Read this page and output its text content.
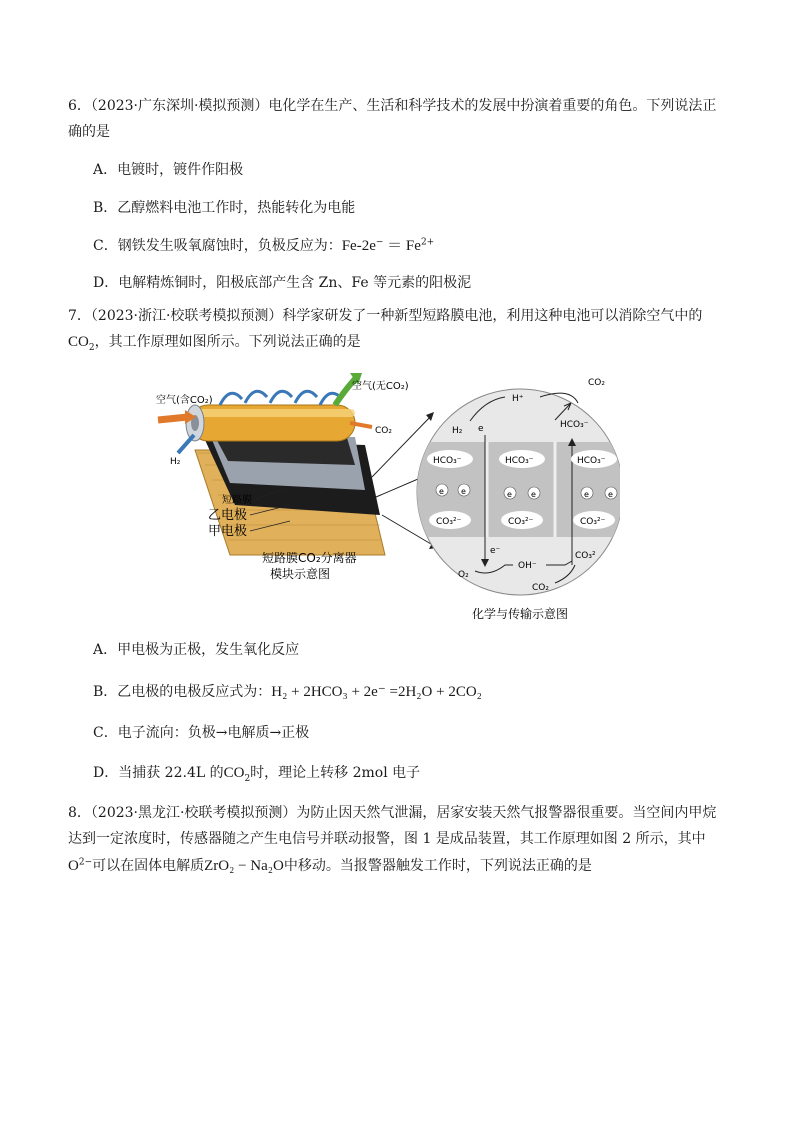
6．（2023·广东深圳·模拟预测）电化学在生产、生活和科学技术的发展中扮演着重要的角色。下列说法正
确的是
A．电镀时，镀件作阳极
B．乙醇燃料电池工作时，热能转化为电能
C．钢铁发生吸氧腐蚀时，负极反应为：$Fe-2e^- = Fe^{2+}$
D．电解精炼铜时，阳极底部产生含 Zn、Fe 等元素的阳极泥
7．（2023·浙江·校联考模拟预测）科学家研发了一种新型短路膜电池，利用这种电池可以消除空气中的
$CO_2$，其工作原理如图所示。下列说法正确的是
空气(含CO₂)
空气(无CO₂)
CO₂
H₂
短路膜
乙电极
甲电极
短路膜CO₂分离器
模块示意图
H⁺
CO₂
HCO₃⁻
H₂ e
HCO₃⁻	HCO₃⁻	HCO₃⁻
e e	e e	e e
CO₃²⁻	CO₃²⁻	CO₃²⁻
e⁻
O₂
OH⁻
CO₃²
CO₂
化学与传输示意图
A．甲电极为正极，发生氧化反应
B．乙电极的电极反应式为：H₂ + 2HCO₃ + 2e⁻ =2H₂O + 2CO₂
C．电子流向：负极→电解质→正极
D．当捕获 22.4L 的$CO_2$时，理论上转移 2mol 电子
8．（2023·黑龙江·校联考模拟预测）为防止因天然气泄漏，居家安装天然气报警器很重要。当空间内甲烷
达到一定浓度时，传感器随之产生电信号并联动报警，图 1 是成品装置，其工作原理如图 2 所示，其中
$O^{2-}$可以在固体电解质ZrO₂ − Na₂O中移动。当报警器触发工作时，下列说法正确的是
